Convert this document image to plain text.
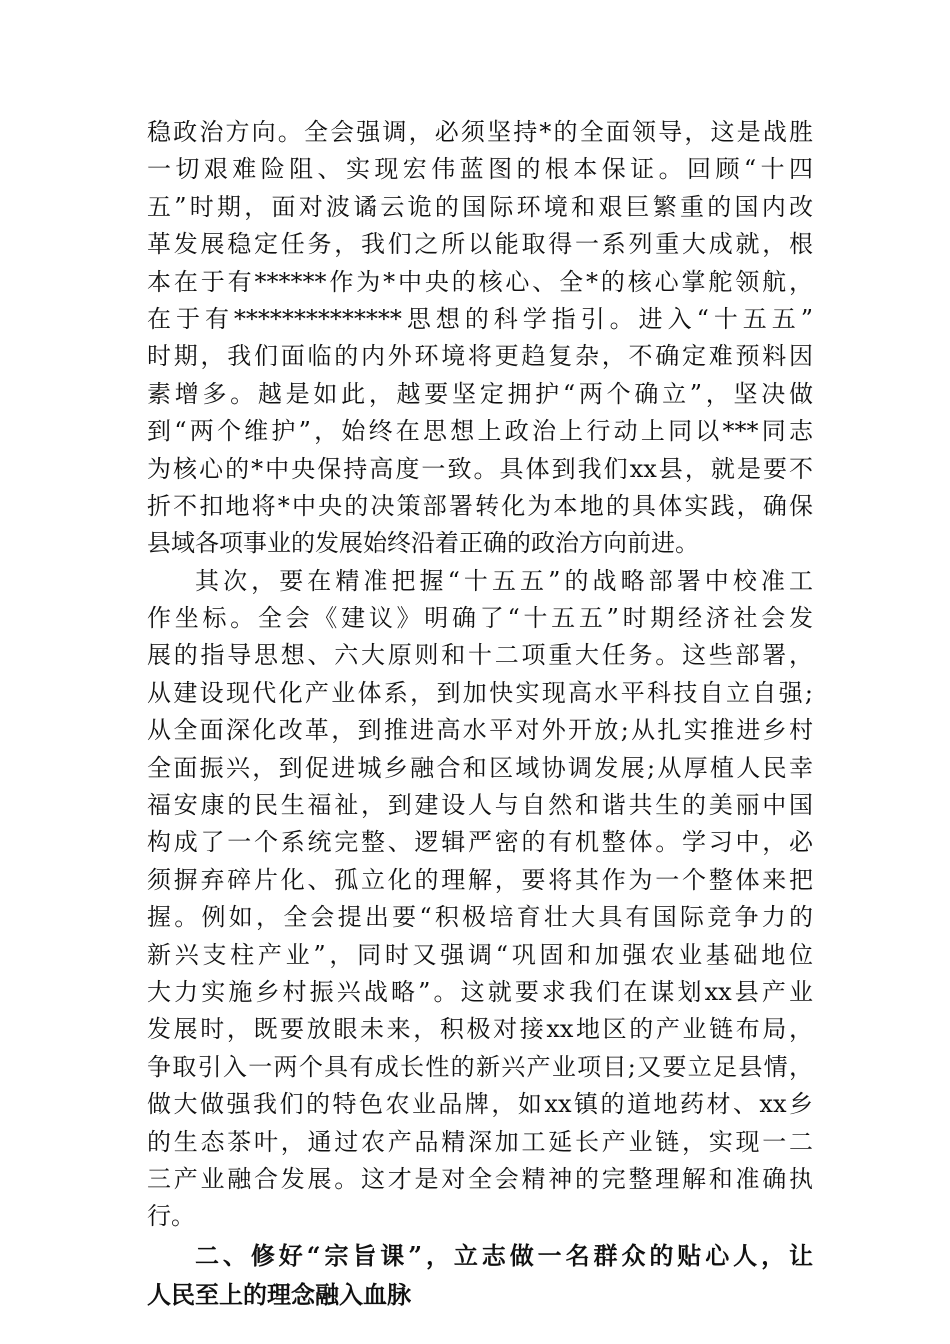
稳政治方向。全会强调，必须坚持*的全面领导，这是战胜
一切艰难险阻、实现宏伟蓝图的根本保证。回顾“十四
五”时期，面对波谲云诡的国际环境和艰巨繁重的国内改
革发展稳定任务，我们之所以能取得一系列重大成就，根
本在于有******作为*中央的核心、全*的核心掌舵领航，
在于有**************思想的科学指引。进入“十五五”
时期，我们面临的内外环境将更趋复杂，不确定难预料因
素增多。越是如此，越要坚定拥护“两个确立”，坚决做
到“两个维护”，始终在思想上政治上行动上同以***同志
为核心的*中央保持高度一致。具体到我们xx县，就是要不
折不扣地将*中央的决策部署转化为本地的具体实践，确保
县域各项事业的发展始终沿着正确的政治方向前进。
其次，要在精准把握“十五五”的战略部署中校准工
作坐标。全会《建议》明确了“十五五”时期经济社会发
展的指导思想、六大原则和十二项重大任务。这些部署，
从建设现代化产业体系，到加快实现高水平科技自立自强;
从全面深化改革，到推进高水平对外开放;从扎实推进乡村
全面振兴，到促进城乡融合和区域协调发展;从厚植人民幸
福安康的民生福祉，到建设人与自然和谐共生的美丽中国
构成了一个系统完整、逻辑严密的有机整体。学习中，必
须摒弃碎片化、孤立化的理解，要将其作为一个整体来把
握。例如，全会提出要“积极培育壮大具有国际竞争力的
新兴支柱产业”，同时又强调“巩固和加强农业基础地位
大力实施乡村振兴战略”。这就要求我们在谋划xx县产业
发展时，既要放眼未来，积极对接xx地区的产业链布局，
争取引入一两个具有成长性的新兴产业项目;又要立足县情，
做大做强我们的特色农业品牌，如xx镇的道地药材、xx乡
的生态茶叶，通过农产品精深加工延长产业链，实现一二
三产业融合发展。这才是对全会精神的完整理解和准确执
行。
二、修好“宗旨课”，立志做一名群众的贴心人，让
人民至上的理念融入血脉
